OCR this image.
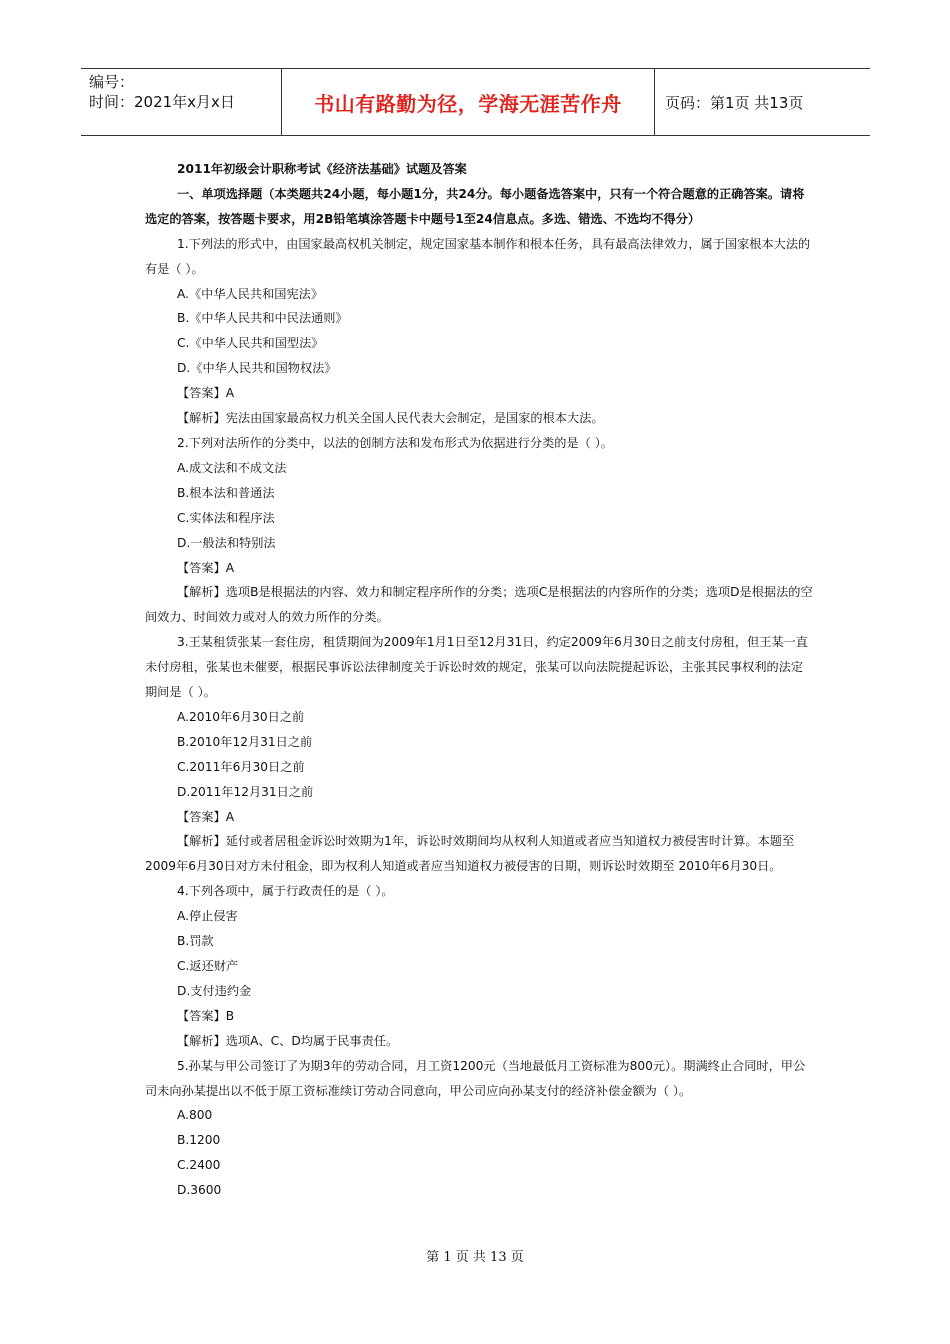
编号：
时间：2021年x月x日	书山有路勤为径，学海无涯苦作舟	页码：第1页 共13页

2011年初级会计职称考试《经济法基础》试题及答案

一、单项选择题（本类题共24小题，每小题1分，共24分。每小题备选答案中，只有一个符合题意的正确答案。请将选定的答案，按答题卡要求，用2B铅笔填涂答题卡中题号1至24信息点。多选、错选、不选均不得分）

1.下列法的形式中，由国家最高权机关制定，规定国家基本制作和根本任务，具有最高法律效力，属于国家根本大法的有是（ ）。

A.《中华人民共和国宪法》

B.《中华人民共和中民法通则》

C.《中华人民共和国型法》

D.《中华人民共和国物权法》

【答案】A

【解析】宪法由国家最高权力机关全国人民代表大会制定，是国家的根本大法。

2.下列对法所作的分类中，以法的创制方法和发布形式为依据进行分类的是（ ）。

A.成文法和不成文法

B.根本法和普通法

C.实体法和程序法

D.一般法和特别法

【答案】A

【解析】选项B是根据法的内容、效力和制定程序所作的分类；选项C是根据法的内容所作的分类；选项D是根据法的空间效力、时间效力或对人的效力所作的分类。

3.王某租赁张某一套住房，租赁期间为2009年1月1日至12月31日，约定2009年6月30日之前支付房租，但王某一直未付房租，张某也未催要，根据民事诉讼法律制度关于诉讼时效的规定，张某可以向法院提起诉讼，主张其民事权利的法定期间是（ ）。

A.2010年6月30日之前

B.2010年12月31日之前

C.2011年6月30日之前

D.2011年12月31日之前

【答案】A

【解析】延付或者居租金诉讼时效期为1年，诉讼时效期间均从权利人知道或者应当知道权力被侵害时计算。本题至2009年6月30日对方未付租金，即为权利人知道或者应当知道权力被侵害的日期，则诉讼时效期至 2010年6月30日。

4.下列各项中，属于行政责任的是（ ）。

A.停止侵害

B.罚款

C.返还财产

D.支付违约金

【答案】B

【解析】选项A、C、D均属于民事责任。

5.孙某与甲公司签订了为期3年的劳动合同，月工资1200元（当地最低月工资标准为800元）。期满终止合同时，甲公司未向孙某提出以不低于原工资标准续订劳动合同意向，甲公司应向孙某支付的经济补偿金额为（ ）。

A.800

B.1200

C.2400

D.3600

第 1 页 共 13 页
